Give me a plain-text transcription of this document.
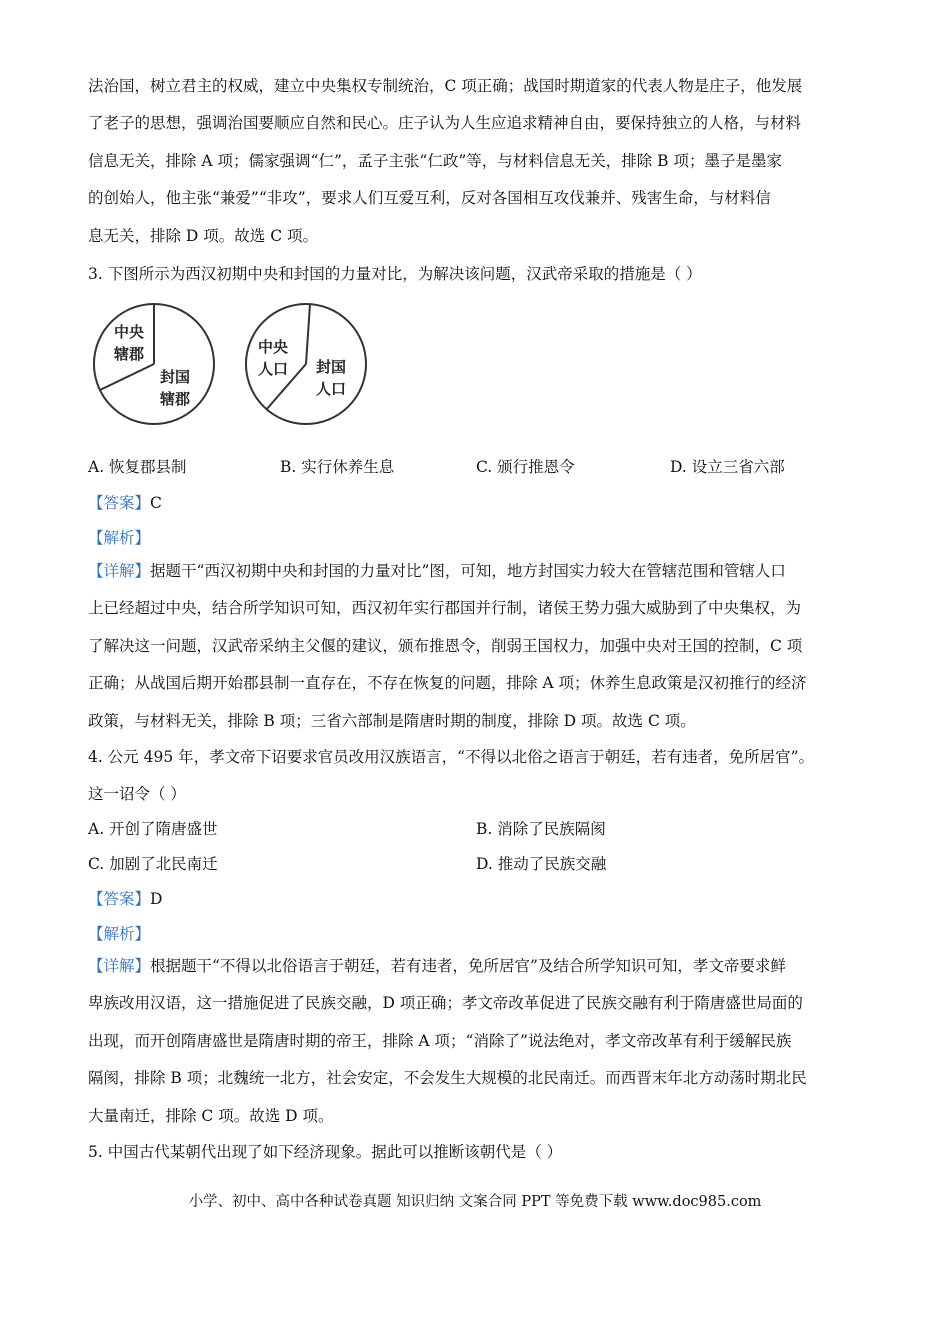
法治国，树立君主的权威，建立中央集权专制统治，C 项正确；战国时期道家的代表人物是庄子，他发展
了老子的思想，强调治国要顺应自然和民心。庄子认为人生应追求精神自由，要保持独立的人格，与材料
信息无关，排除 A 项；儒家强调“仁”，孟子主张“仁政”等，与材料信息无关，排除 B 项；墨子是墨家
的创始人，他主张“兼爱”“非攻”，要求人们互爱互利，反对各国相互攻伐兼并、残害生命，与材料信
息无关，排除 D 项。故选 C 项。
3. 下图所示为西汉初期中央和封国的力量对比，为解决该问题，汉武帝采取的措施是（ ）
中央
辖郡
封国
辖郡
中央
人口 封国
人口
A. 恢复郡县制	B. 实行休养生息	C. 颁行推恩令	D. 设立三省六部
【答案】C
【解析】
【详解】据题干“西汉初期中央和封国的力量对比”图，可知，地方封国实力较大在管辖范围和管辖人口
上已经超过中央，结合所学知识可知，西汉初年实行郡国并行制，诸侯王势力强大威胁到了中央集权，为
了解决这一问题，汉武帝采纳主父偃的建议，颁布推恩令，削弱王国权力，加强中央对王国的控制，C 项
正确；从战国后期开始郡县制一直存在，不存在恢复的问题，排除 A 项；休养生息政策是汉初推行的经济
政策，与材料无关，排除 B 项；三省六部制是隋唐时期的制度，排除 D 项。故选 C 项。
4. 公元 495 年，孝文帝下诏要求官员改用汉族语言，“不得以北俗之语言于朝廷，若有违者，免所居官”。
这一诏令（ ）
A. 开创了隋唐盛世	B. 消除了民族隔阂
C. 加剧了北民南迁	D. 推动了民族交融
【答案】D
【解析】
【详解】根据题干“不得以北俗语言于朝廷，若有违者，免所居官”及结合所学知识可知，孝文帝要求鲜
卑族改用汉语，这一措施促进了民族交融，D 项正确；孝文帝改革促进了民族交融有利于隋唐盛世局面的
出现，而开创隋唐盛世是隋唐时期的帝王，排除 A 项；“消除了”说法绝对，孝文帝改革有利于缓解民族
隔阂，排除 B 项；北魏统一北方，社会安定，不会发生大规模的北民南迁。而西晋末年北方动荡时期北民
大量南迁，排除 C 项。故选 D 项。
5. 中国古代某朝代出现了如下经济现象。据此可以推断该朝代是（ ）
小学、初中、高中各种试卷真题 知识归纳 文案合同 PPT 等免费下载 www.doc985.com
